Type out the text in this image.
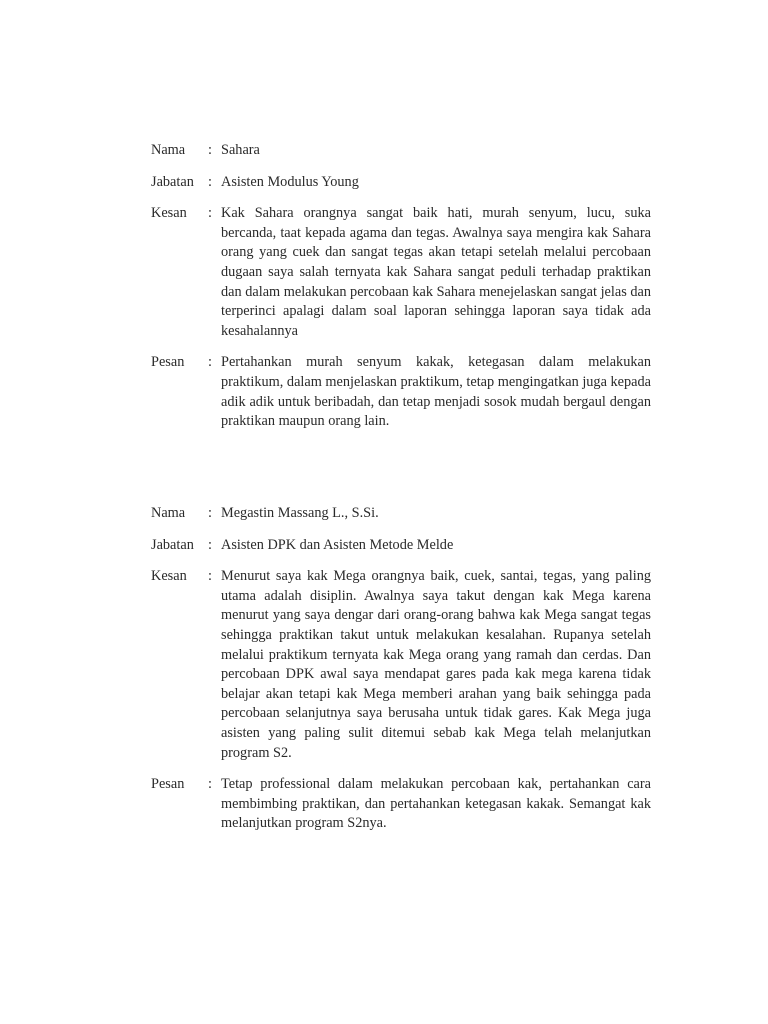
Nama	: Sahara
Jabatan : Asisten Modulus Young
Kesan	: Kak Sahara orangnya sangat baik hati, murah senyum, lucu, suka bercanda, taat kepada agama dan tegas. Awalnya saya mengira kak Sahara orang yang cuek dan sangat tegas akan tetapi setelah melalui percobaan dugaan saya salah ternyata kak Sahara sangat peduli terhadap praktikan dan dalam melakukan percobaan kak Sahara menejelaskan sangat jelas dan terperinci apalagi dalam soal laporan sehingga laporan saya tidak ada kesahalannya
Pesan	: Pertahankan murah senyum kakak, ketegasan dalam melakukan praktikum, dalam menjelaskan praktikum, tetap mengingatkan juga kepada adik adik untuk beribadah, dan tetap menjadi sosok mudah bergaul dengan praktikan maupun orang lain.
Nama	: Megastin Massang L., S.Si.
Jabatan : Asisten DPK dan Asisten Metode Melde
Kesan	: Menurut saya kak Mega orangnya baik, cuek, santai, tegas, yang paling utama adalah disiplin. Awalnya saya takut dengan kak Mega karena menurut yang saya dengar dari orang-orang bahwa kak Mega sangat tegas sehingga praktikan takut untuk melakukan kesalahan. Rupanya setelah melalui praktikum ternyata kak Mega orang yang ramah dan cerdas. Dan percobaan DPK awal saya mendapat gares pada kak mega karena tidak belajar akan tetapi kak Mega memberi arahan yang baik sehingga pada percobaan selanjutnya saya berusaha untuk tidak gares. Kak Mega juga asisten yang paling sulit ditemui sebab kak Mega telah melanjutkan program S2.
Pesan	: Tetap professional dalam melakukan percobaan kak, pertahankan cara membimbing praktikan, dan pertahankan ketegasan kakak. Semangat kak melanjutkan program S2nya.
